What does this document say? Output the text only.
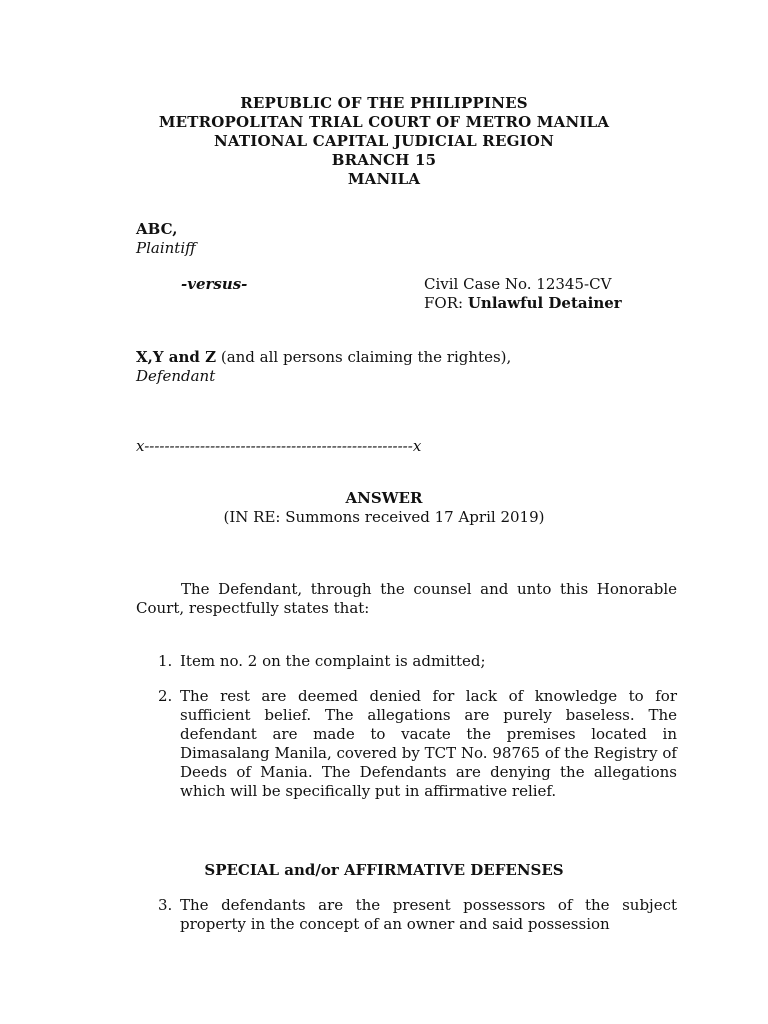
REPUBLIC OF THE PHILIPPINES
METROPOLITAN TRIAL COURT OF METRO MANILA
NATIONAL CAPITAL JUDICIAL REGION
BRANCH 15
MANILA
ABC,
Plaintiff
-versus-	Civil Case No. 12345-CV
FOR: Unlawful Detainer
X,Y and Z (and all persons claiming the rightes),
Defendant
x-----------------------------------------------------x
ANSWER
(IN RE: Summons received 17 April 2019)
The Defendant, through the counsel and unto this Honorable Court, respectfully states that:
1. Item no. 2 on the complaint is admitted;
2. The rest are deemed denied for lack of knowledge to for sufficient belief. The allegations are purely baseless. The defendant are made to vacate the premises located in Dimasalang Manila, covered by TCT No. 98765 of the Registry of Deeds of Mania. The Defendants are denying the allegations which will be specifically put in affirmative relief.
SPECIAL and/or AFFIRMATIVE DEFENSES
3. The defendants are the present possessors of the subject property in the concept of an owner and said possession
